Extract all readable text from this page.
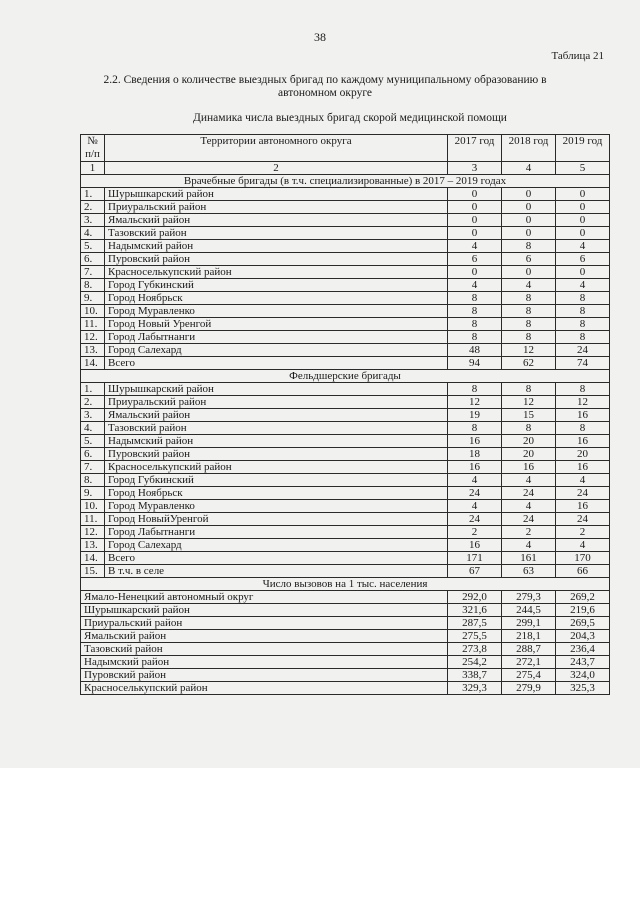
38
Таблица 21
2.2. Сведения о количестве выездных бригад по каждому муниципальному образованию в автономном округе
Динамика числа выездных бригад скорой медицинской помощи
№ п/п	Территории автономного округа	2017 год	2018 год	2019 год
1	2	3	4	5
Врачебные бригады (в т.ч. специализированные) в 2017 – 2019 годах				
1.	Шурышкарский район	0	0	0
2.	Приуральский район	0	0	0
3.	Ямальский район	0	0	0
4.	Тазовский район	0	0	0
5.	Надымский район	4	8	4
6.	Пуровский район	6	6	6
7.	Красноселькупский район	0	0	0
8.	Город Губкинский	4	4	4
9.	Город Ноябрьск	8	8	8
10.	Город Муравленко	8	8	8
11.	Город Новый Уренгой	8	8	8
12.	Город Лабытнанги	8	8	8
13.	Город Салехард	48	12	24
14.	Всего	94	62	74
Фельдшерские бригады				
1.	Шурышкарский район	8	8	8
2.	Приуральский район	12	12	12
3.	Ямальский район	19	15	16
4.	Тазовский район	8	8	8
5.	Надымский район	16	20	16
6.	Пуровский район	18	20	20
7.	Красноселькупский район	16	16	16
8.	Город Губкинский	4	4	4
9.	Город Ноябрьск	24	24	24
10.	Город Муравленко	4	4	16
11.	Город НовыйУренгой	24	24	24
12.	Город Лабытнанги	2	2	2
13.	Город Салехард	16	4	4
14.	Всего	171	161	170
15.	В т.ч. в селе	67	63	66
Число вызовов на 1 тыс. населения				
Ямало-Ненецкий автономный округ		292,0	279,3	269,2
Шурышкарский район		321,6	244,5	219,6
Приуральский район		287,5	299,1	269,5
Ямальский район		275,5	218,1	204,3
Тазовский район		273,8	288,7	236,4
Надымский район		254,2	272,1	243,7
Пуровский район		338,7	275,4	324,0
Красноселькупский район		329,3	279,9	325,3
